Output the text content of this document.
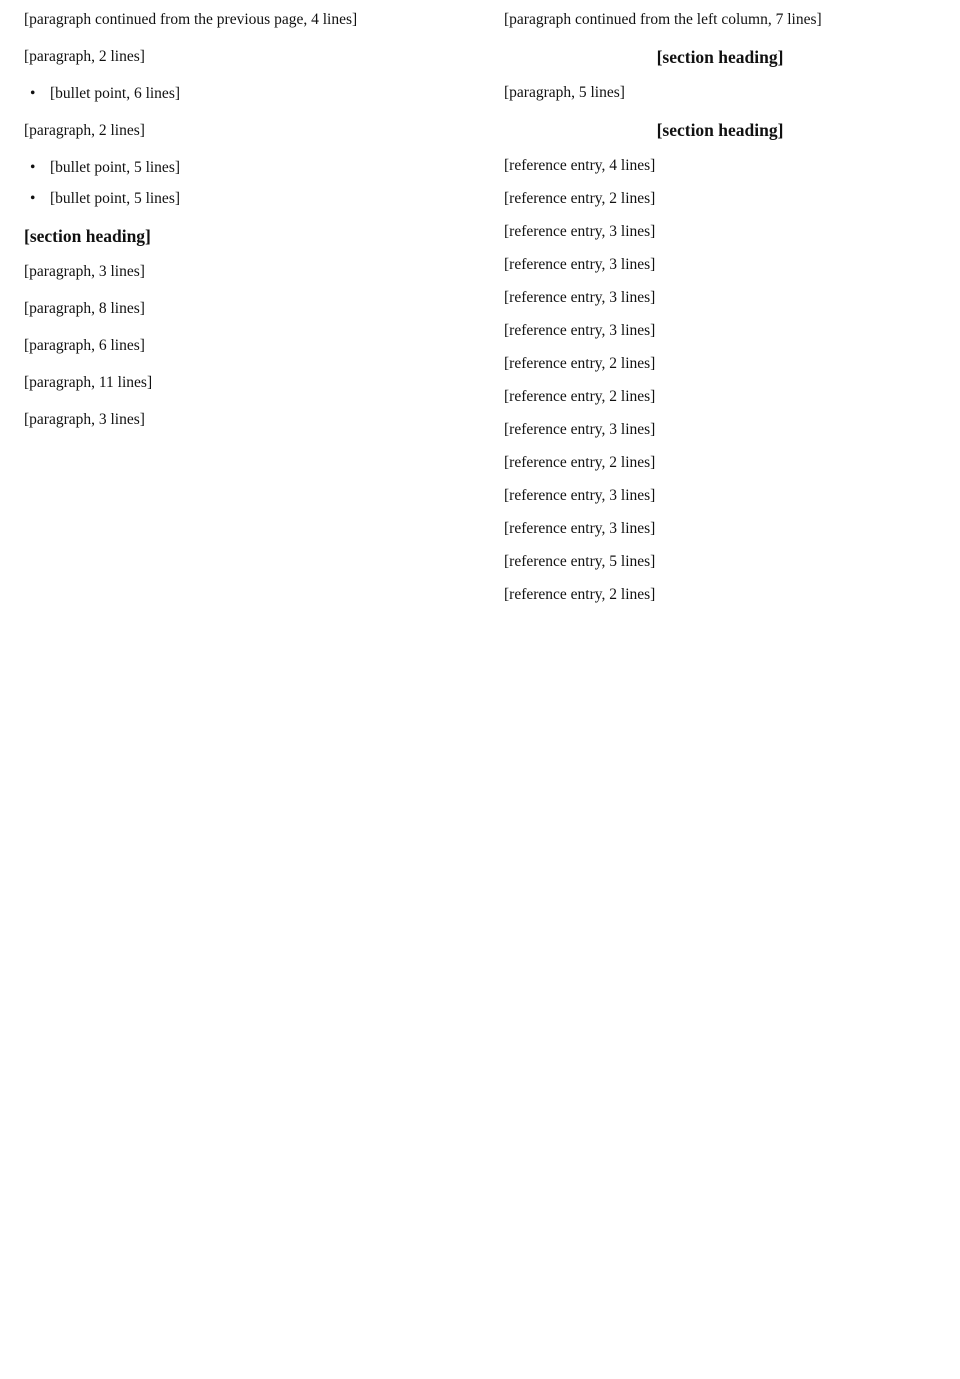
[paragraph continued from the previous page, 4 lines]

[paragraph, 2 lines]

• [bullet point, 6 lines]

[paragraph, 2 lines]

• [bullet point, 5 lines]
• [bullet point, 5 lines]
[section heading]

[paragraph, 3 lines]

[paragraph, 8 lines]

[paragraph, 6 lines]

[paragraph, 11 lines]

[paragraph, 3 lines]

[paragraph continued from the left column, 7 lines]

[section heading]

[paragraph, 5 lines]

[section heading]
[reference entry, 4 lines]
[reference entry, 2 lines]
[reference entry, 3 lines]
[reference entry, 3 lines]
[reference entry, 3 lines]
[reference entry, 3 lines]
[reference entry, 2 lines]
[reference entry, 2 lines]
[reference entry, 3 lines]
[reference entry, 2 lines]
[reference entry, 3 lines]
[reference entry, 3 lines]
[reference entry, 5 lines]
[reference entry, 2 lines]
